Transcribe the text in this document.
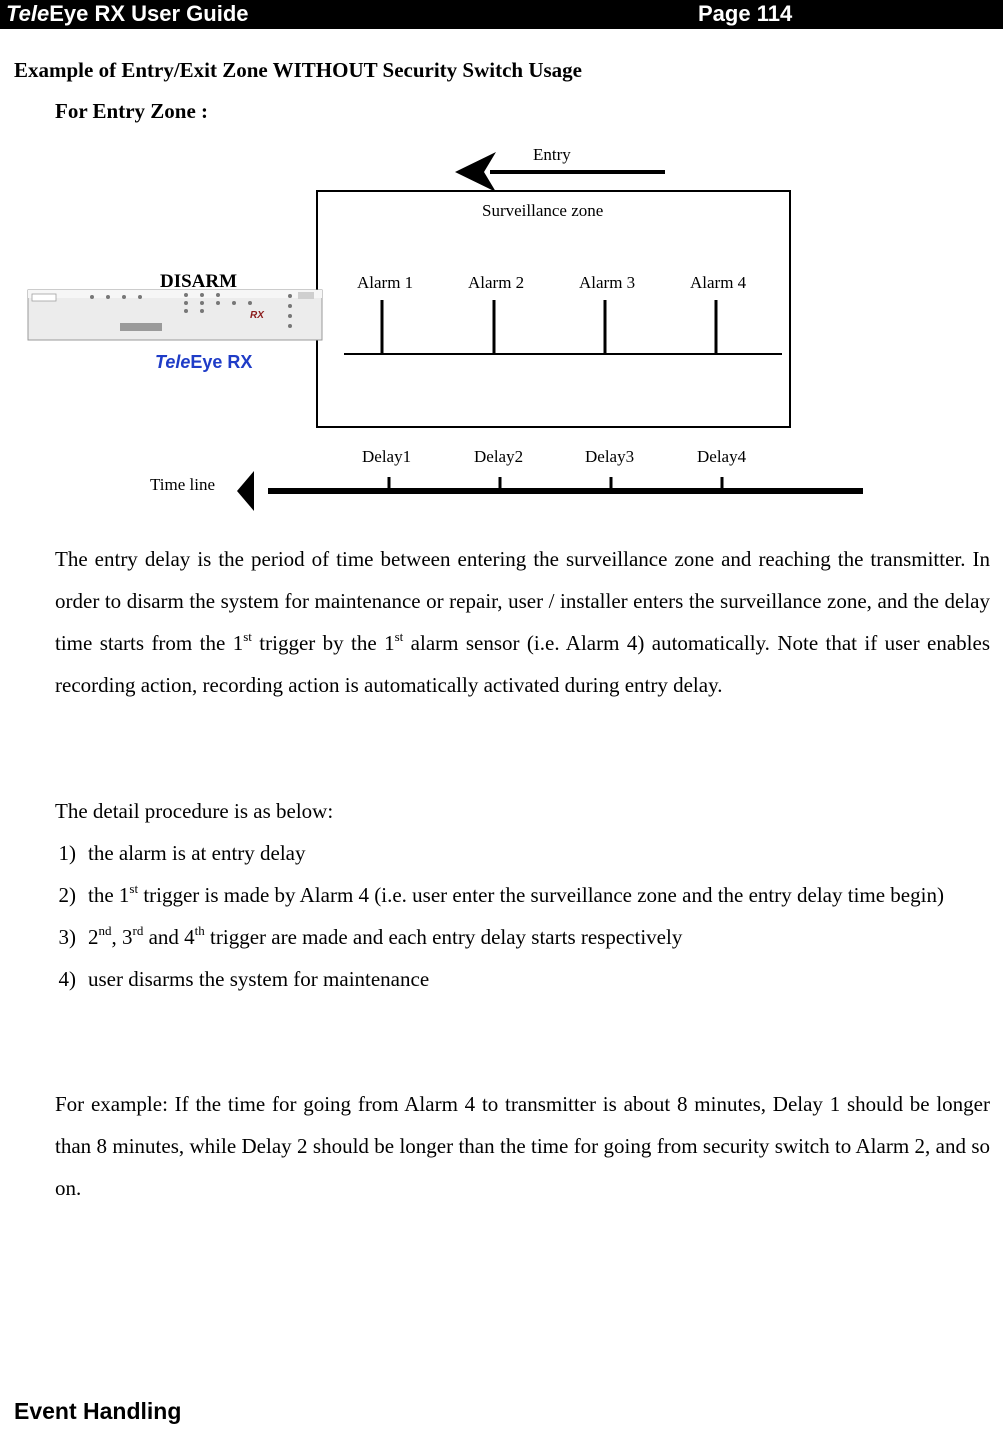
TeleEye RX User Guide	Page 114
Example of Entry/Exit Zone WITHOUT Security Switch Usage
For Entry Zone :
RX
Entry
Surveillance zone
Alarm 1	Alarm 2	Alarm 3	Alarm 4
Delay1	Delay2	Delay3	Delay4
Time line
DISARM
TeleEye RX
The entry delay is the period of time between entering the surveillance zone and reaching the transmitter. In order to disarm the system for maintenance or repair, user / installer enters the surveillance zone, and the delay time starts from the 1st trigger by the 1st alarm sensor (i.e. Alarm 4) automatically. Note that if user enables recording action, recording action is automatically activated during entry delay.
The detail procedure is as below:
1) the alarm is at entry delay
2) the 1st trigger is made by Alarm 4 (i.e. user enter the surveillance zone and the entry delay time begin)
3) 2nd, 3rd and 4th trigger are made and each entry delay starts respectively
4) user disarms the system for maintenance
For example: If the time for going from Alarm 4 to transmitter is about 8 minutes, Delay 1 should be longer than 8 minutes, while Delay 2 should be longer than the time for going from security switch to Alarm 2, and so on.
Event Handling
